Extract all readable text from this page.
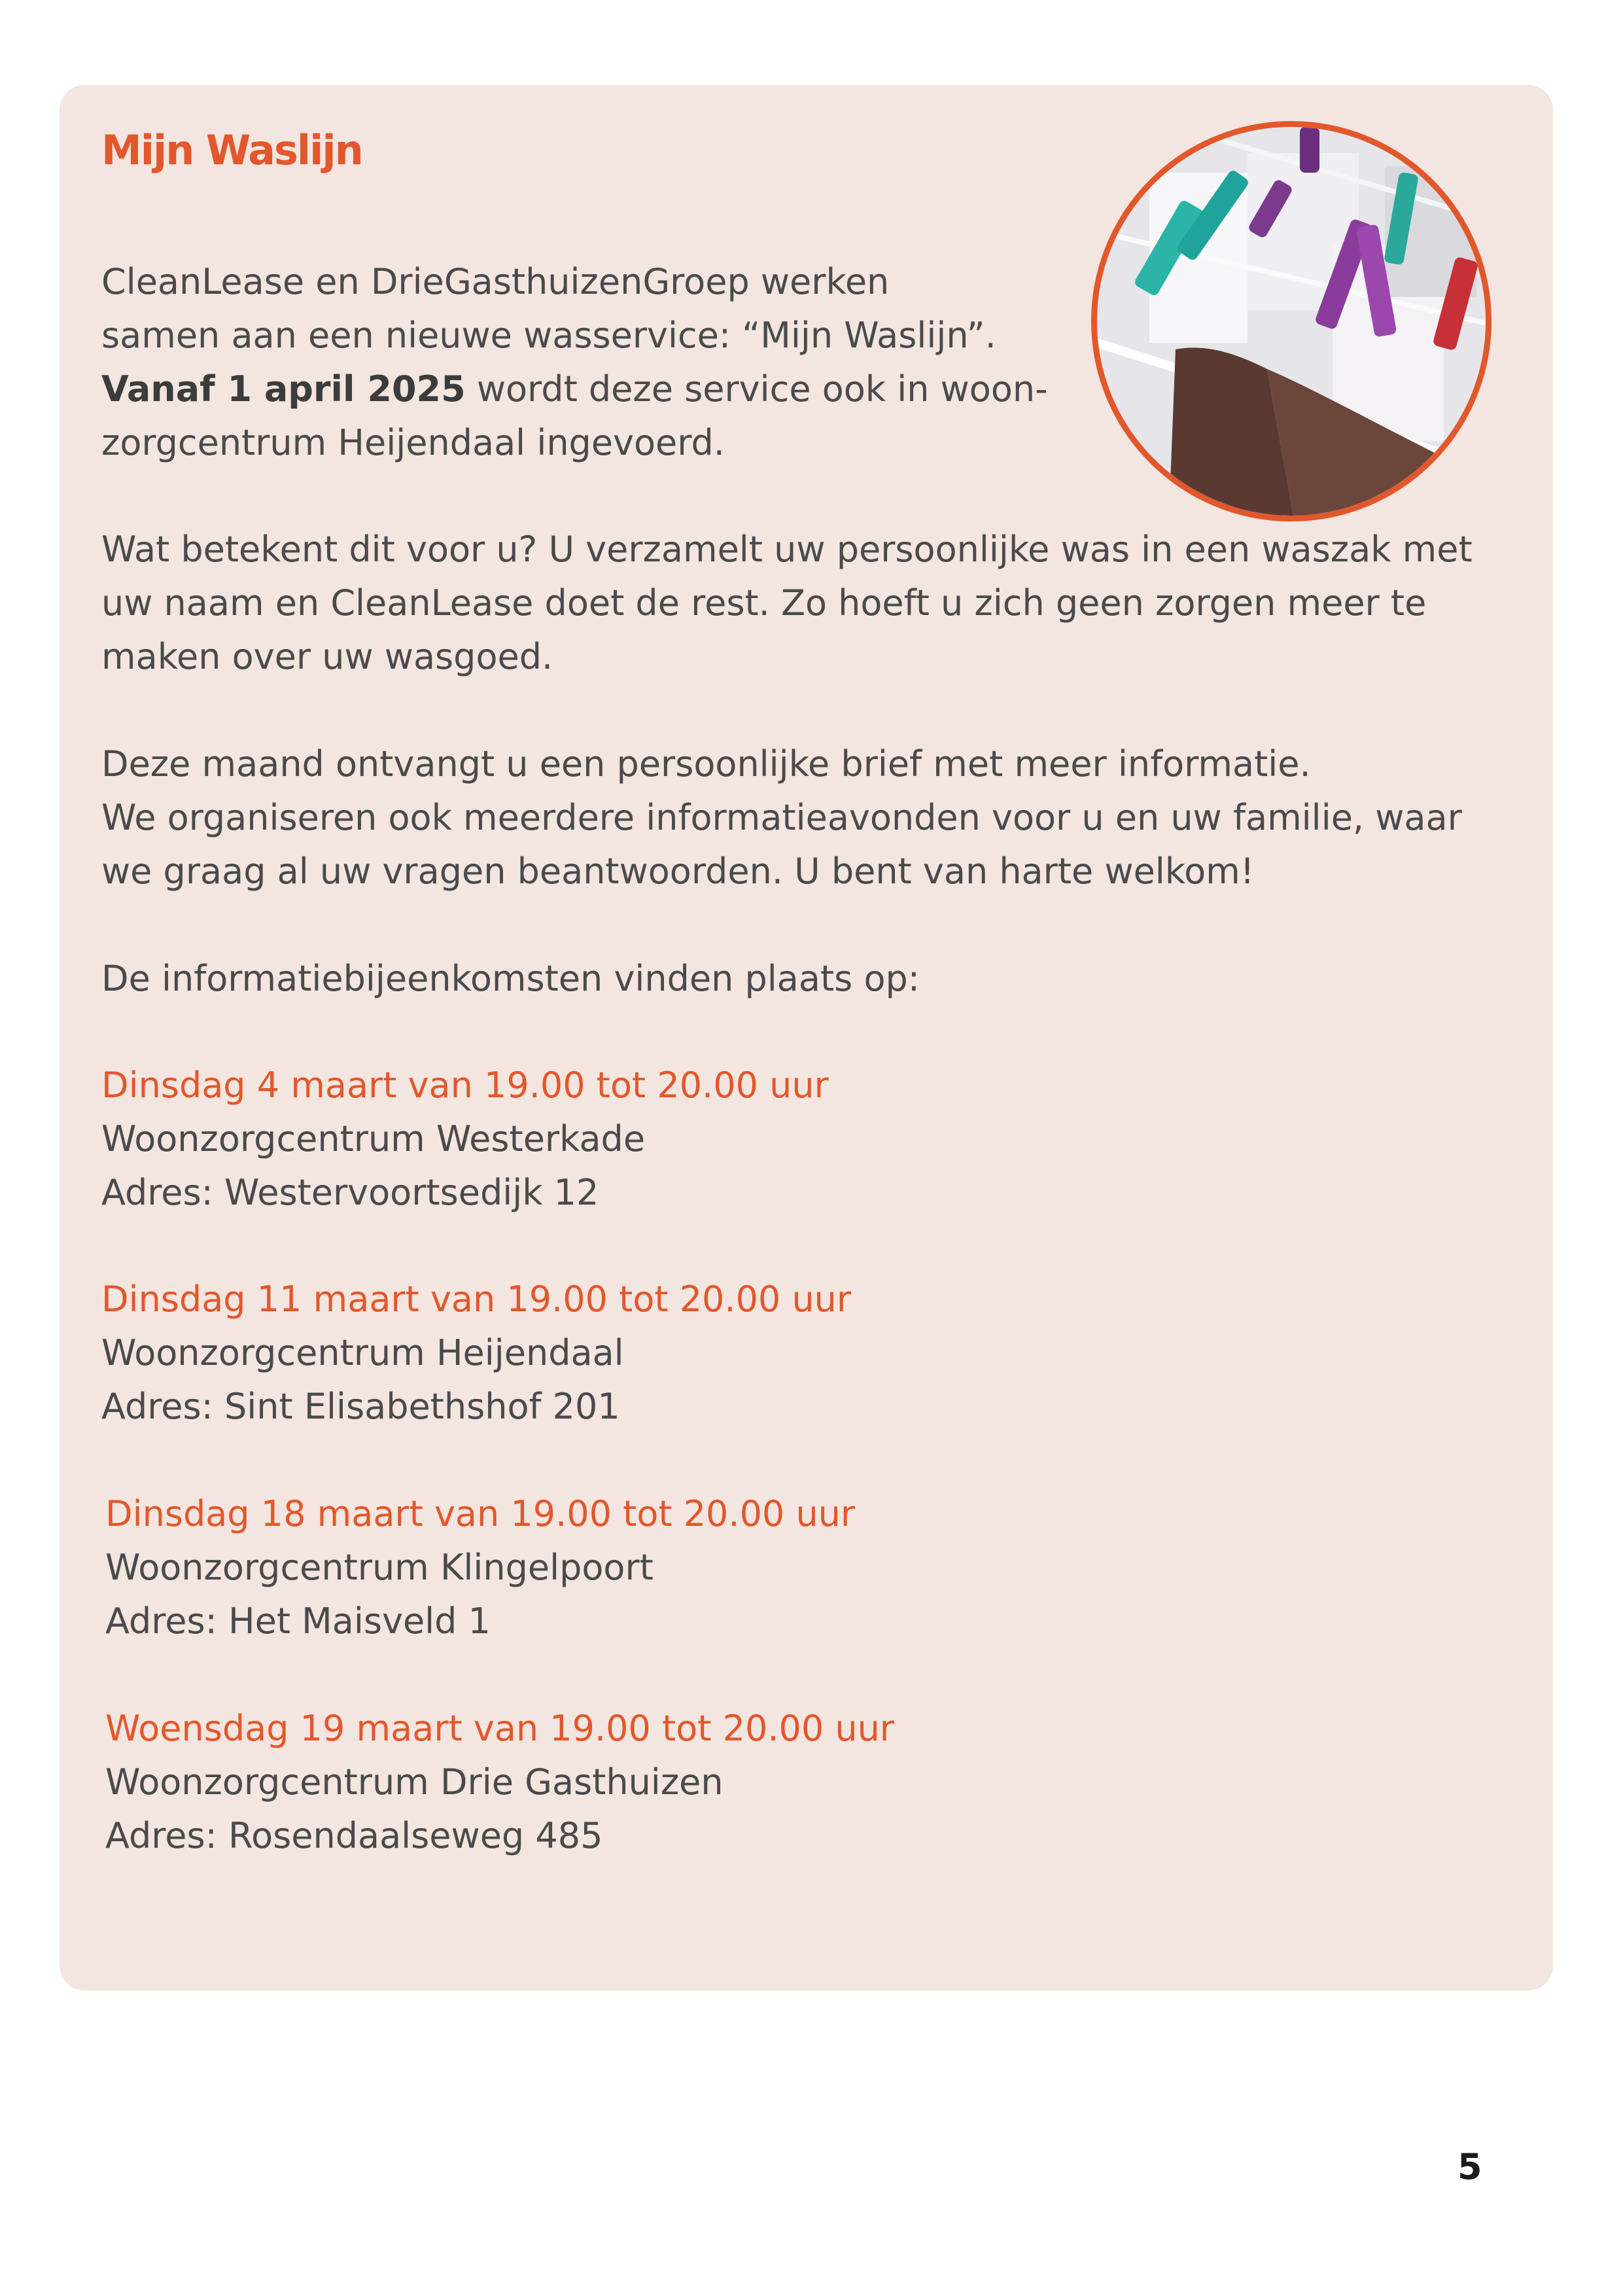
Mijn Waslijn

CleanLease en DrieGasthuizenGroep werken
samen aan een nieuwe wasservice: “Mijn Waslijn”.
Vanaf 1 april 2025 wordt deze service ook in woon-
zorgcentrum Heijendaal ingevoerd.

Wat betekent dit voor u? U verzamelt uw persoonlijke was in een waszak met
uw naam en CleanLease doet de rest. Zo hoeft u zich geen zorgen meer te
maken over uw wasgoed.

Deze maand ontvangt u een persoonlijke brief met meer informatie.
We organiseren ook meerdere informatieavonden voor u en uw familie, waar
we graag al uw vragen beantwoorden. U bent van harte welkom!

De informatiebijeenkomsten vinden plaats op:

Dinsdag 4 maart van 19.00 tot 20.00 uur
Woonzorgcentrum Westerkade
Adres: Westervoortsedijk 12
Dinsdag 11 maart van 19.00 tot 20.00 uur
Woonzorgcentrum Heijendaal
Adres: Sint Elisabethshof 201
Dinsdag 18 maart van 19.00 tot 20.00 uur
Woonzorgcentrum Klingelpoort
Adres: Het Maisveld 1
Woensdag 19 maart van 19.00 tot 20.00 uur
Woonzorgcentrum Drie Gasthuizen
Adres: Rosendaalseweg 485
5
